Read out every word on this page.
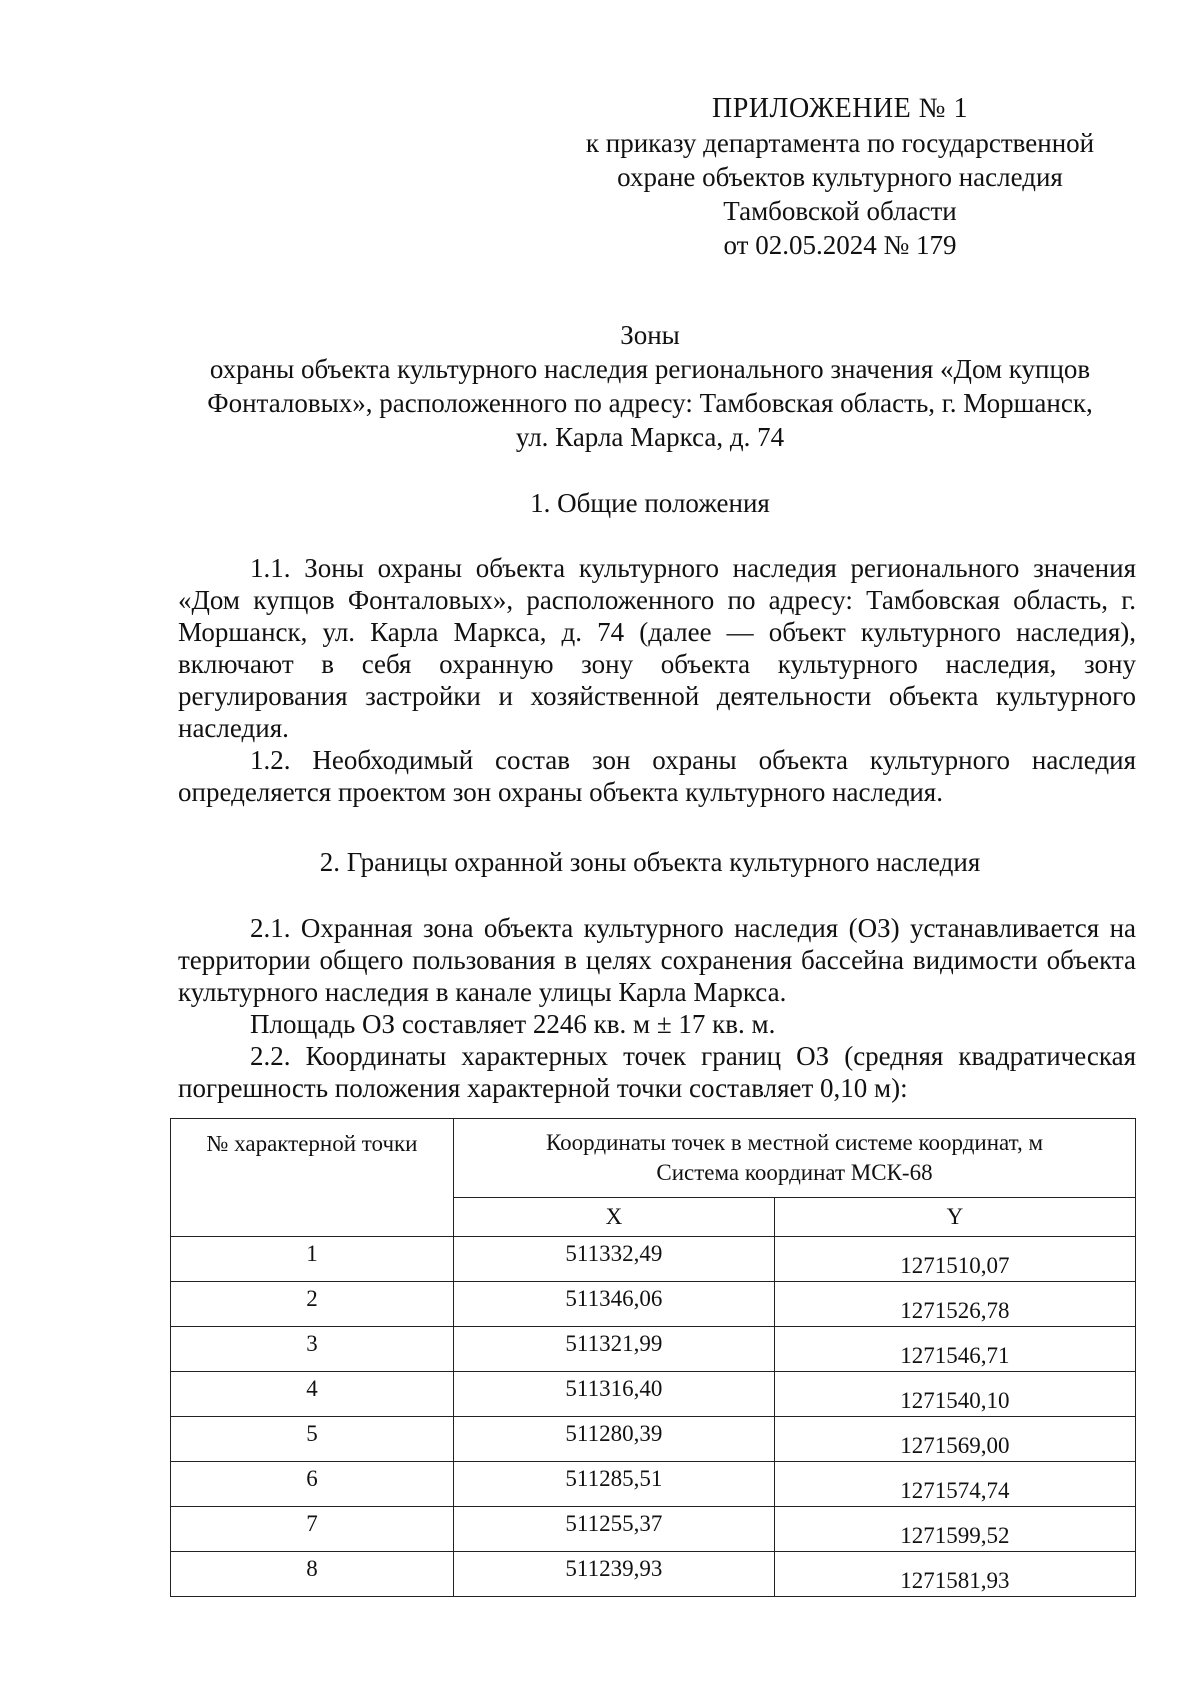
ПРИЛОЖЕНИЕ № 1
к приказу департамента по государственной
охране объектов культурного наследия
Тамбовской области
от 02.05.2024 № 179
Зоны
охраны объекта культурного наследия регионального значения «Дом купцов
Фонталовых», расположенного по адресу: Тамбовская область, г. Моршанск,
ул. Карла Маркса, д. 74
1. Общие положения

1.1. Зоны охраны объекта культурного наследия регионального значения «Дом купцов Фонталовых», расположенного по адресу: Тамбовская область, г. Моршанск, ул. Карла Маркса, д. 74 (далее — объект культурного наследия), включают в себя охранную зону объекта культурного наследия, зону регулирования застройки и хозяйственной деятельности объекта культурного наследия.

1.2. Необходимый состав зон охраны объекта культурного наследия определяется проектом зон охраны объекта культурного наследия.

2. Границы охранной зоны объекта культурного наследия

2.1. Охранная зона объекта культурного наследия (ОЗ) устанавливается на территории общего пользования в целях сохранения бассейна видимости объекта культурного наследия в канале улицы Карла Маркса.

Площадь ОЗ составляет 2246 кв. м ± 17 кв. м.

2.2. Координаты характерных точек границ ОЗ (средняя квадратическая погрешность положения характерной точки составляет 0,10 м):

№ характерной точки	Координаты точек в местной системе координат, м
Система координат МСК-68	

	X	Y
1	511332,49	1271510,07
2	511346,06	1271526,78
3	511321,99	1271546,71
4	511316,40	1271540,10
5	511280,39	1271569,00
6	511285,51	1271574,74
7	511255,37	1271599,52
8	511239,93	1271581,93
